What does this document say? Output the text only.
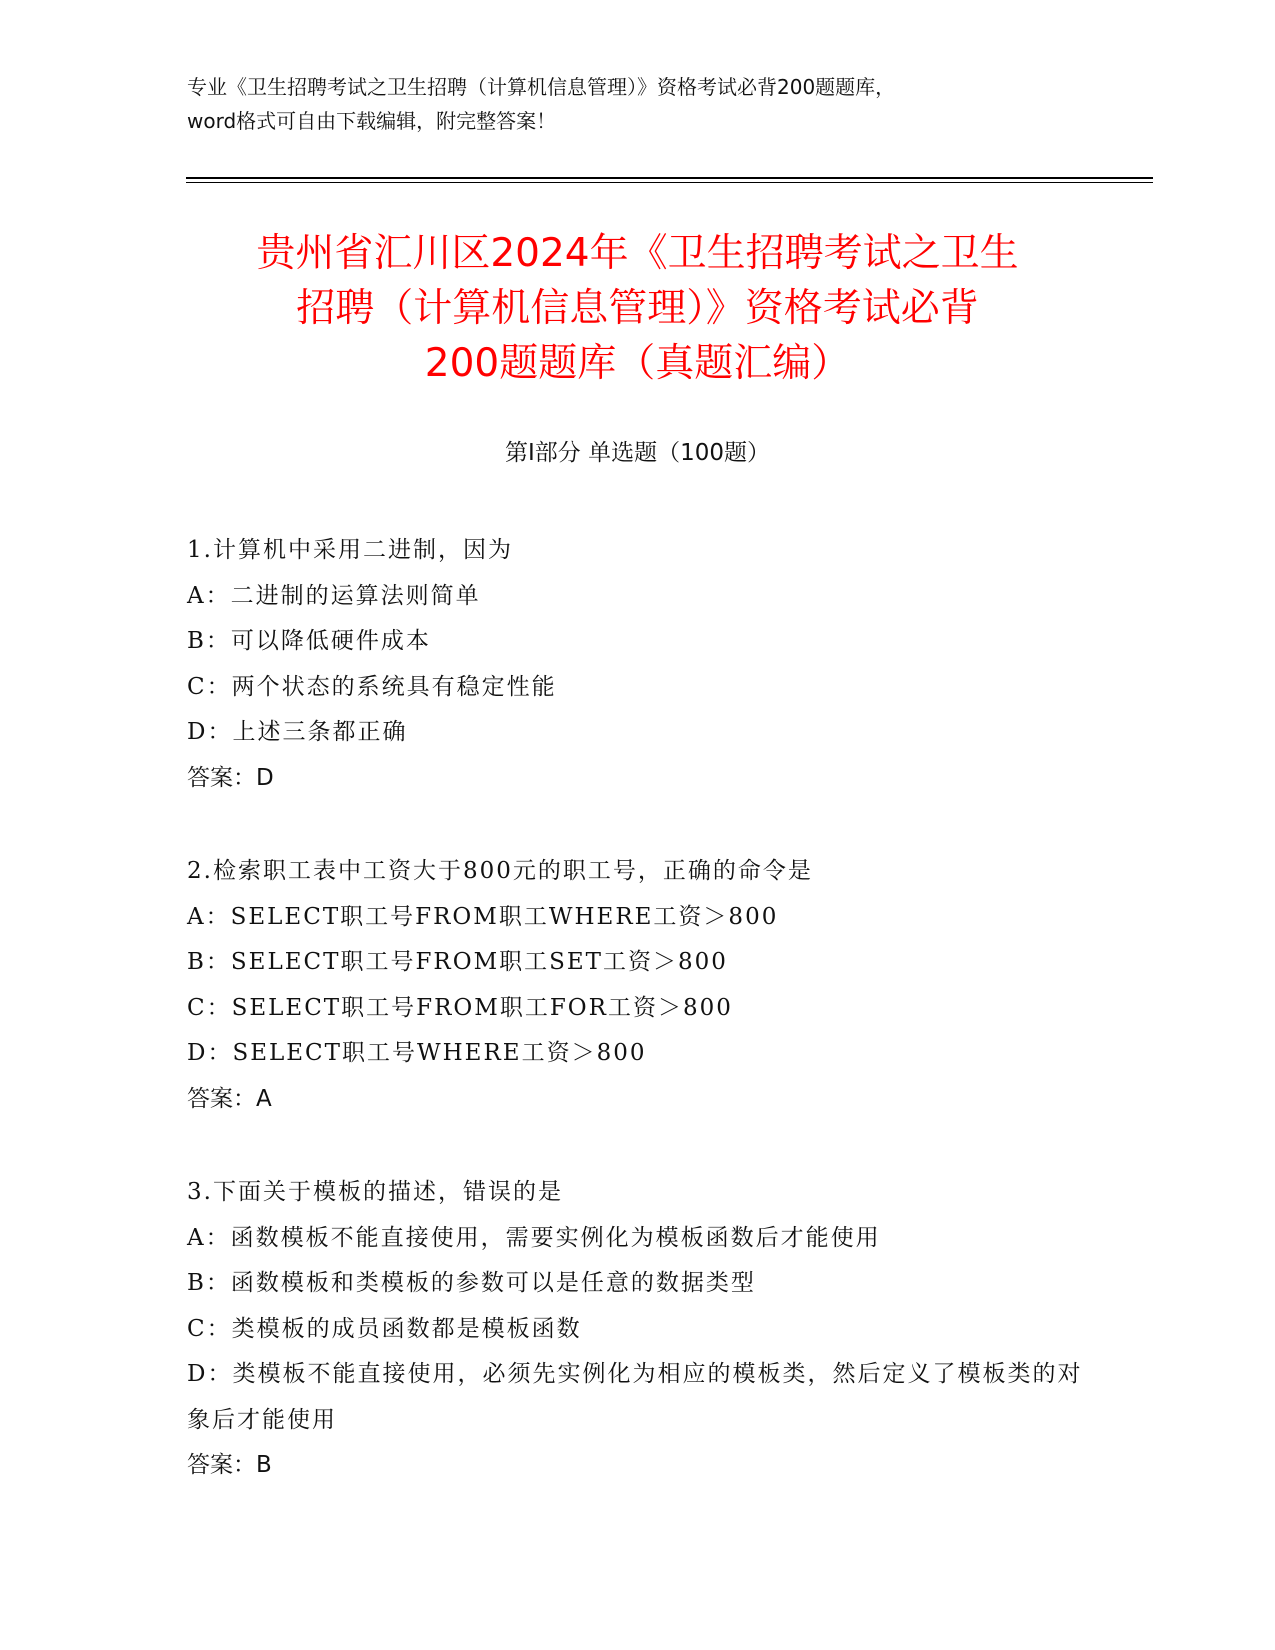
专业《卫生招聘考试之卫生招聘（计算机信息管理）》资格考试必背200题题库，

word格式可自由下载编辑，附完整答案！

贵州省汇川区2024年《卫生招聘考试之卫生
招聘（计算机信息管理）》资格考试必背
200题题库（真题汇编）
第I部分 单选题（100题）

1.计算机中采用二进制，因为

A：二进制的运算法则简单

B：可以降低硬件成本

C：两个状态的系统具有稳定性能

D：上述三条都正确

答案：D

2.检索职工表中工资大于800元的职工号，正确的命令是

A：SELECT职工号FROM职工WHERE工资＞800

B：SELECT职工号FROM职工SET工资＞800

C：SELECT职工号FROM职工FOR工资＞800

D：SELECT职工号WHERE工资＞800

答案：A

3.下面关于模板的描述，错误的是

A：函数模板不能直接使用，需要实例化为模板函数后才能使用

B：函数模板和类模板的参数可以是任意的数据类型

C：类模板的成员函数都是模板函数

D：类模板不能直接使用，必须先实例化为相应的模板类，然后定义了模板类的对象后才能使用

答案：B
